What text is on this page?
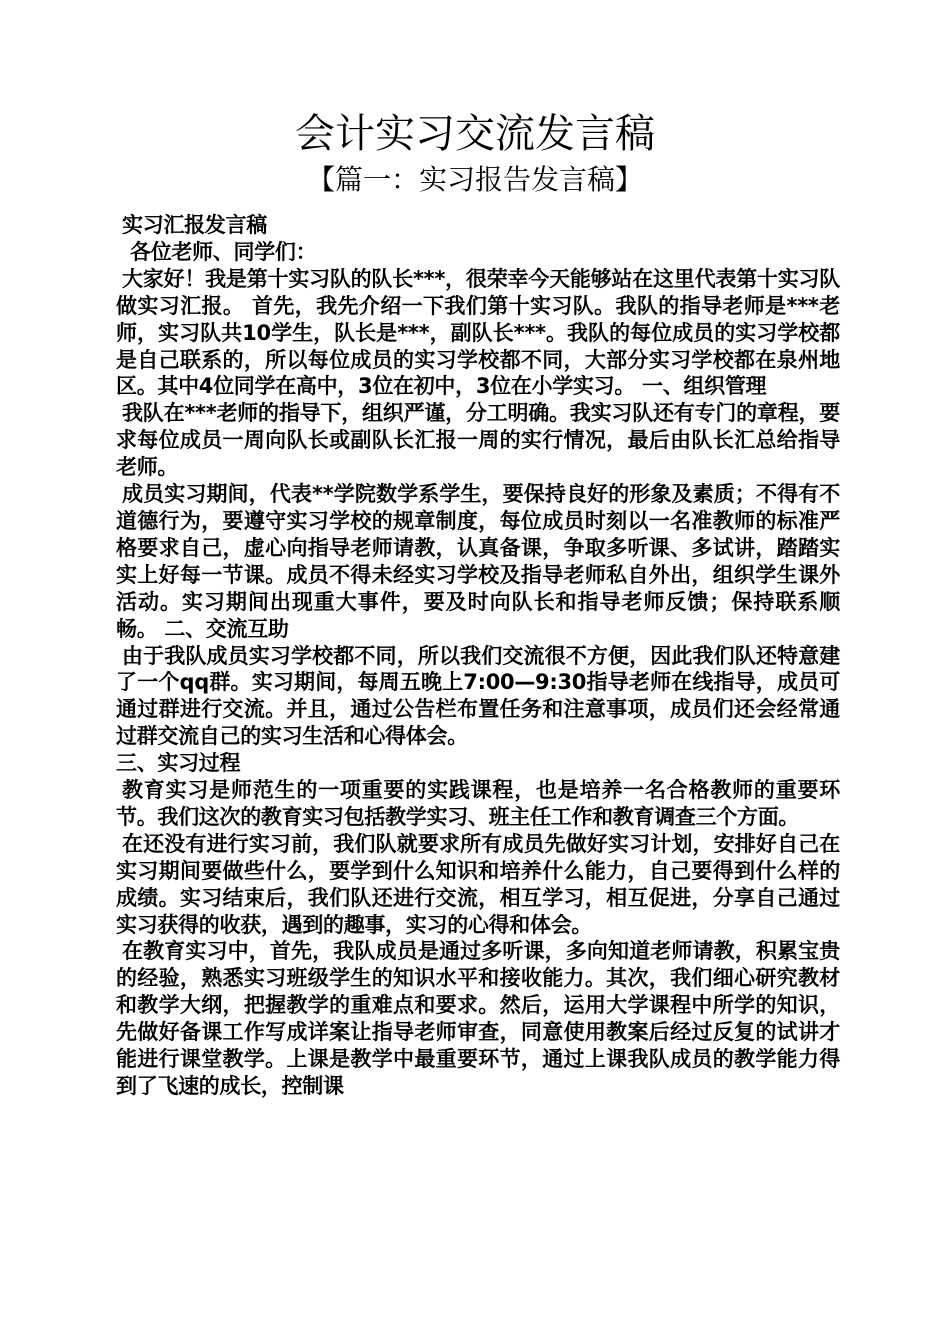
会计实习交流发言稿
【篇一：实习报告发言稿】

实习汇报发言稿

各位老师、同学们：

大家好！我是第十实习队的队长***，很荣幸今天能够站在这里代表第十实习队做实习汇报。 首先，我先介绍一下我们第十实习队。我队的指导老师是***老师，实习队共10学生，队长是***，副队长***。我队的每位成员的实习学校都是自己联系的，所以每位成员的实习学校都不同，大部分实习学校都在泉州地区。其中4位同学在高中，3位在初中，3位在小学实习。 一、组织管理

我队在***老师的指导下，组织严谨，分工明确。我实习队还有专门的章程，要求每位成员一周向队长或副队长汇报一周的实行情况，最后由队长汇总给指导老师。

成员实习期间，代表**学院数学系学生，要保持良好的形象及素质；不得有不道德行为，要遵守实习学校的规章制度，每位成员时刻以一名准教师的标准严格要求自己，虚心向指导老师请教，认真备课，争取多听课、多试讲，踏踏实实上好每一节课。成员不得未经实习学校及指导老师私自外出，组织学生课外活动。实习期间出现重大事件，要及时向队长和指导老师反馈；保持联系顺畅。 二、交流互助

由于我队成员实习学校都不同，所以我们交流很不方便，因此我们队还特意建了一个qq群。实习期间，每周五晚上7:00—9:30指导老师在线指导，成员可通过群进行交流。并且，通过公告栏布置任务和注意事项，成员们还会经常通过群交流自己的实习生活和心得体会。

三、实习过程

教育实习是师范生的一项重要的实践课程，也是培养一名合格教师的重要环节。我们这次的教育实习包括教学实习、班主任工作和教育调查三个方面。

在还没有进行实习前，我们队就要求所有成员先做好实习计划，安排好自己在实习期间要做些什么，要学到什么知识和培养什么能力，自己要得到什么样的成绩。实习结束后，我们队还进行交流，相互学习，相互促进，分享自己通过实习获得的收获，遇到的趣事，实习的心得和体会。

在教育实习中，首先，我队成员是通过多听课，多向知道老师请教，积累宝贵的经验，熟悉实习班级学生的知识水平和接收能力。其次，我们细心研究教材和教学大纲，把握教学的重难点和要求。然后，运用大学课程中所学的知识，先做好备课工作写成详案让指导老师审查，同意使用教案后经过反复的试讲才能进行课堂教学。上课是教学中最重要环节，通过上课我队成员的教学能力得到了飞速的成长，控制课
